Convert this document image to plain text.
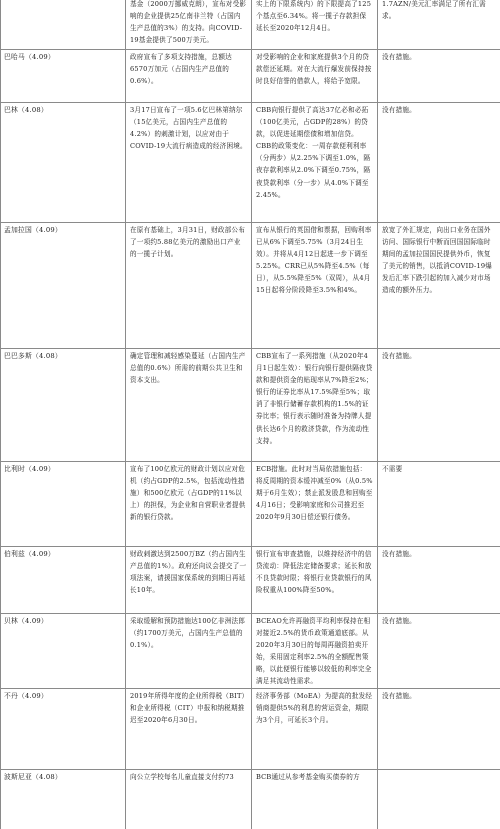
	基金（2000万挪威克朗），宣布对受影响的企业提供25亿南非兰特（占国内生产总值的3%）的支持。向COVID-19基金提供了500万美元。	实上的下限系统内）的下限提高了125个基点至6.34%。将一揽子存款担保延长至2020年12月4日。	1.7AZN/美元汇率满足了所有汇需求。
巴哈马（4.09）	政府宣布了多项支持措施，总额达6570万加元（占国内生产总值的0.6%）。	对受影响的企业和家庭提供3个月的贷款偿还延期。对在大流行爆发前保持按时良好信誉的借款人，将给予宽限。	没有措施。
巴林（4.08）	3月17日宣布了一项5.6亿巴林第纳尔（15亿美元，占国内生产总值的4.2%）的刺激计划，以应对由于COVID-19大流行病造成的经济困境。	CBB向银行提供了高达37亿必和必拓（100亿美元，占GDP的28%）的贷款，以促进延期偿债和增加信贷。CBB的政策变化：一周存款便利利率（分两步）从2.25%下调至1.0%，隔夜存款利率从2.0%下调至0.75%，隔夜贷款利率（分一步）从4.0%下调至2.45%。	没有措施。
孟加拉国（4.09）	在原有基础上，3月31日，财政部公布了一项约5.88亿美元的激励出口产业的一揽子计划。	宣布从银行的英国借和票据，回购利率已从6%下调至5.75%（3月24日生效）。并将从4月12日起进一步下调至5.25%。CRR已从5%降至4.5%（每日），从5.5%降至5%（双周），从4月15日起将分阶段降至3.5%和4%。	放宽了外汇规定，向出口业务在国外访问、国际银行中断而回国国际临时期间的孟加拉国国民提供外币，恢复了美元的销售，以抵消COVID-19爆发后汇率下跌引起的加入减少对市场造成的额外压力。
巴巴多斯（4.08）	确定管理和减轻感染蔓延（占国内生产总值的0.6%）所需的前期公共卫生和资本支出。	CBB宣布了一系列措施（从2020年4月1日起生效）：银行向银行提供隔夜贷款和提供资金的贴现率从7%降至2%；银行的证券比率从17.5%降至5%；取消了非银行储蓄存款机构的1.5%的证券比率；银行表示随时准备为持牌人提供长达6个月的救济贷款，作为流动性支持。	没有措施。
比利时（4.09）	宣布了100亿欧元的财政计划以应对危机（约占GDP的2.5%，包括流动性措施）和500亿欧元（占GDP的11%以上）的担保，为企业和自营职业者提供新的银行贷款。	ECB措施。此时对当局依措施包括：将反周期的资本缓冲减至0%（从0.5%期于6月生效）；禁止派发股息和回购至4月16日；受影响家庭和公司推迟至2020年9月30日偿还银行债务。	不需要
伯利兹（4.09）	财政刺激达到2500万BZ（约占国内生产总值的1%）。政府还向议会提交了一项法案，请援国家保系统的到期日再延长10年。	银行宣布审查措施，以维持经济中的信贷流动：降低法定储备要求；延长和放不良贷款时限；将银行业贷款银行的风险权重从100%降至50%。	没有措施。
贝林（4.09）	采取缓解和预防措施达100亿非洲法郎（约1700万美元，占国内生产总值的0.1%）。	BCEAO允许再融资平均利率保持在相对接近2.5%的货币政策通道底部。从2020年3月30日的每周再融资拍卖开始，采用固定利率2.5%的全额配售策略，以此便银行能够以较低的利率完全满足其流动性需求。	没有措施。
不丹（4.09）	2019年所得年度的企业所得税（BIT）和企业所得税（CIT）申报和纳税期推迟至2020年6月30日。	经济事务部（MoEA）为提高的批发经销商提供5%的利息的营运资金，期限为3个月，可延长3个月。	没有措施。
波斯尼亚（4.08）	向公立学校每名儿童直接支付约73	BCB通过从参考基金购买债券的方	
